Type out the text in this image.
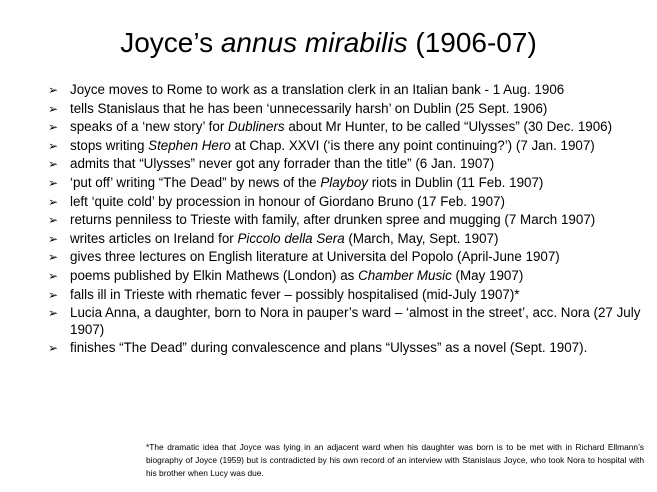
Joyce’s annus mirabilis (1906-07)
➢ Joyce moves to Rome to work as a translation clerk in an Italian bank - 1 Aug. 1906
➢ tells Stanislaus that he has been ‘unnecessarily harsh’ on Dublin (25 Sept. 1906)
➢ speaks of a ‘new story’ for Dubliners about Mr Hunter, to be called “Ulysses” (30 Dec. 1906)
➢ stops writing Stephen Hero at Chap. XXVI (‘is there any point continuing?’) (7 Jan. 1907)
➢ admits that “Ulysses” never got any forrader than the title” (6 Jan. 1907)
➢ ‘put off’ writing “The Dead” by news of the Playboy riots in Dublin (11 Feb. 1907)
➢ left ‘quite cold’ by procession in honour of Giordano Bruno (17 Feb. 1907)
➢ returns penniless to Trieste with family, after drunken spree and mugging (7 March 1907)
➢ writes articles on Ireland for Piccolo della Sera (March, May, Sept. 1907)
➢ gives three lectures on English literature at Universita del Popolo (April-June 1907)
➢ poems published by Elkin Mathews (London) as Chamber Music (May 1907)
➢ falls ill in Trieste with rhematic fever – possibly hospitalised (mid-July 1907)*
➢ Lucia Anna, a daughter, born to Nora in pauper’s ward – ‘almost in the street’, acc. Nora (27 July 1907)
➢ finishes “The Dead” during convalescence and plans “Ulysses” as a novel (Sept. 1907).
*The dramatic idea that Joyce was lying in an adjacent ward when his daughter was born is to be met with in Richard Ellmann’s biography of Joyce (1959) but is contradicted by his own record of an interview with Stanislaus Joyce, who took Nora to hospital with his brother when Lucy was due.
